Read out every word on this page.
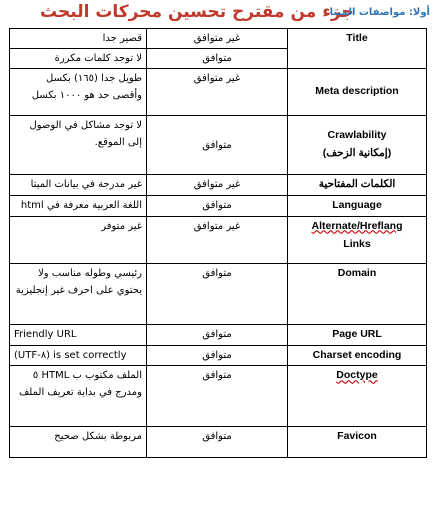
جزء من مقترح تحسين محركات البحث
أولا: مواصفات الميتا
قصير جدا	غير متوافق	Title
لا توجد كلمات مكررة	متوافق	
طويل جدا (١٦٥) بكسل وأقصى حد هو ١٠٠٠ بكسل	غير متوافق	Meta description
لا توجد مشاكل في الوصول إلى الموقع.	متوافق	Crawlability
(إمكانية الزحف)

غير مدرجة في بيانات الميتا	غير متوافق	الكلمات المفتاحية
اللغة العربية معرفة في html	متوافق	Language
غير متوفر	غير متوافق	Alternate/Hreflang
Links

رئيسي وطوله مناسب ولا يحتوي على احرف غير إنجليزية	متوافق	Domain
Friendly URL	متوافق	Page URL
(UTF-٨) is set correctly	متوافق	Charset encoding
الملف مكتوب ب HTML ٥ ومدرج في بداية تعريف الملف	متوافق	Doctype
مربوطة بشكل صحيح	متوافق	Favicon
